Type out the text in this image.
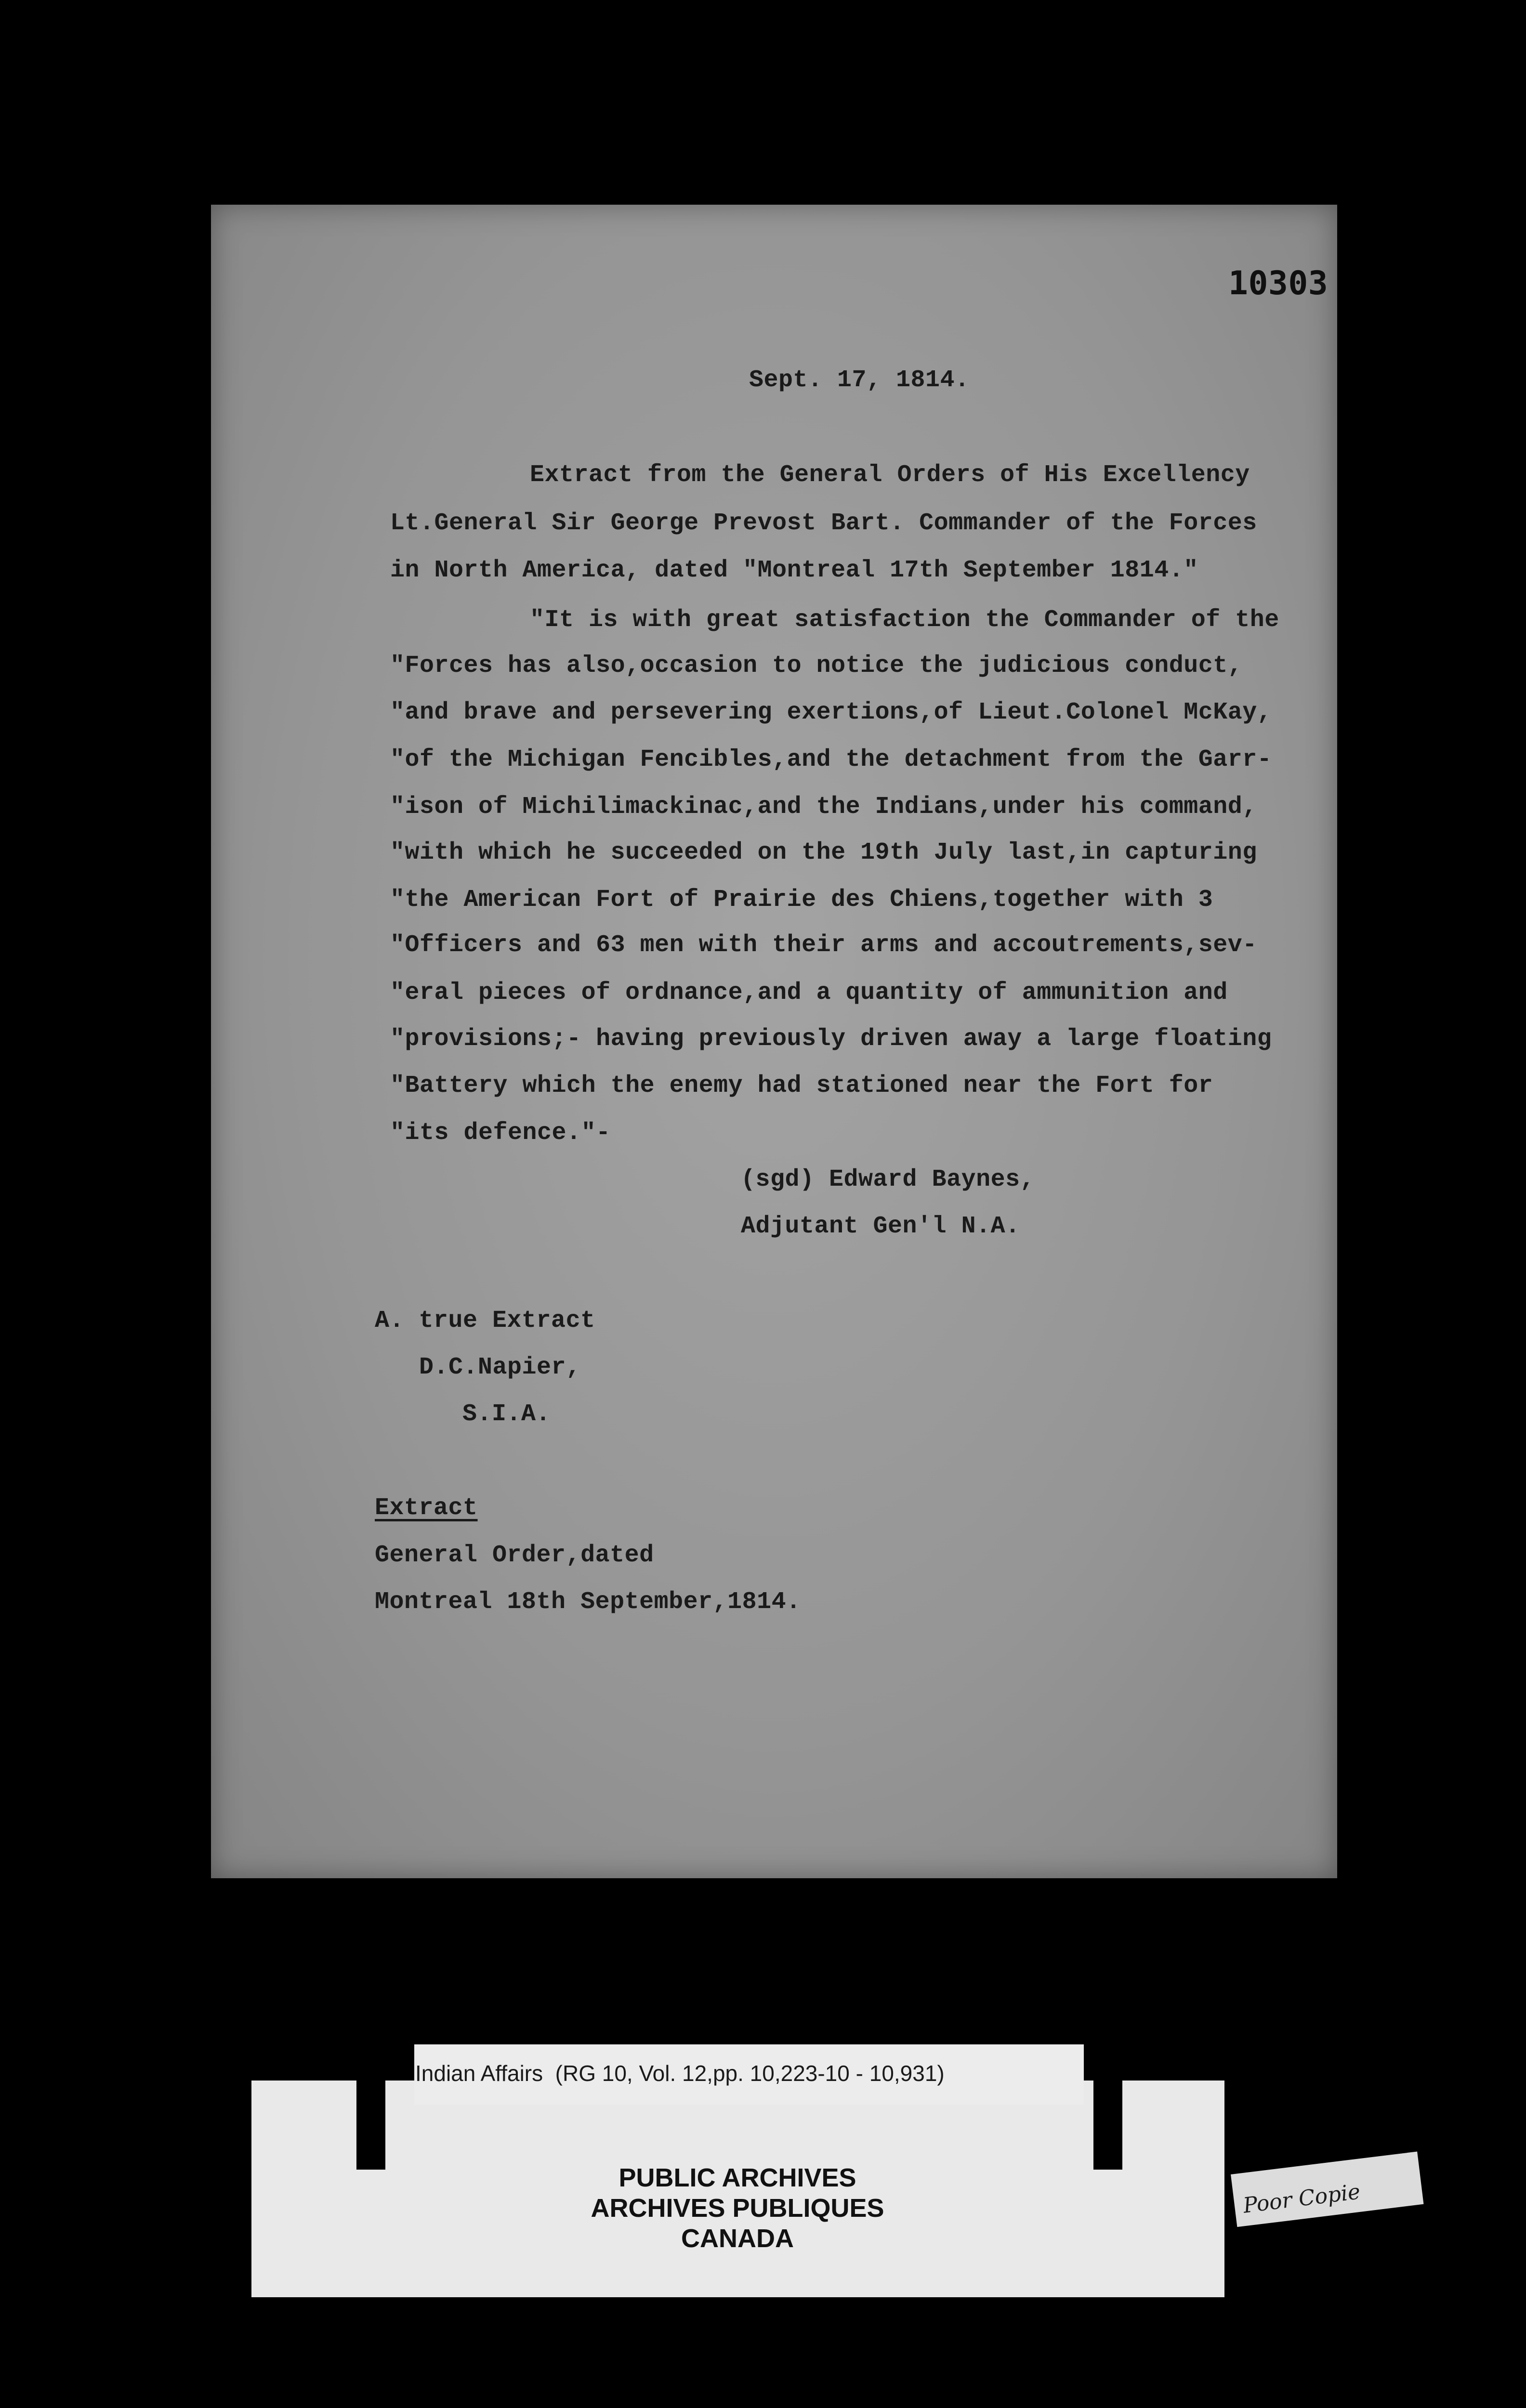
10303
Sept. 17, 1814.
Extract from the General Orders of His Excellency
Lt.General Sir George Prevost Bart. Commander of the Forces
in North America, dated "Montreal 17th September 1814."
"It is with great satisfaction the Commander of the
"Forces has also,occasion to notice the judicious conduct,
"and brave and persevering exertions,of Lieut.Colonel McKay,
"of the Michigan Fencibles,and the detachment from the Garr-
"ison of Michilimackinac,and the Indians,under his command,
"with which he succeeded on the 19th July last,in capturing
"the American Fort of Prairie des Chiens,together with 3
"Officers and 63 men with their arms and accoutrements,sev-
"eral pieces of ordnance,and a quantity of ammunition and
"provisions;- having previously driven away a large floating
"Battery which the enemy had stationed near the Fort for
"its defence."-
(sgd) Edward Baynes,
Adjutant Gen'l N.A.
A. true Extract
D.C.Napier,
S.I.A.
Extract
General Order,dated
Montreal 18th September,1814.
Indian Affairs  (RG 10, Vol. 12,pp. 10,223-10 - 10,931)
PUBLIC ARCHIVES
ARCHIVES PUBLIQUES
CANADA
Poor Copie
